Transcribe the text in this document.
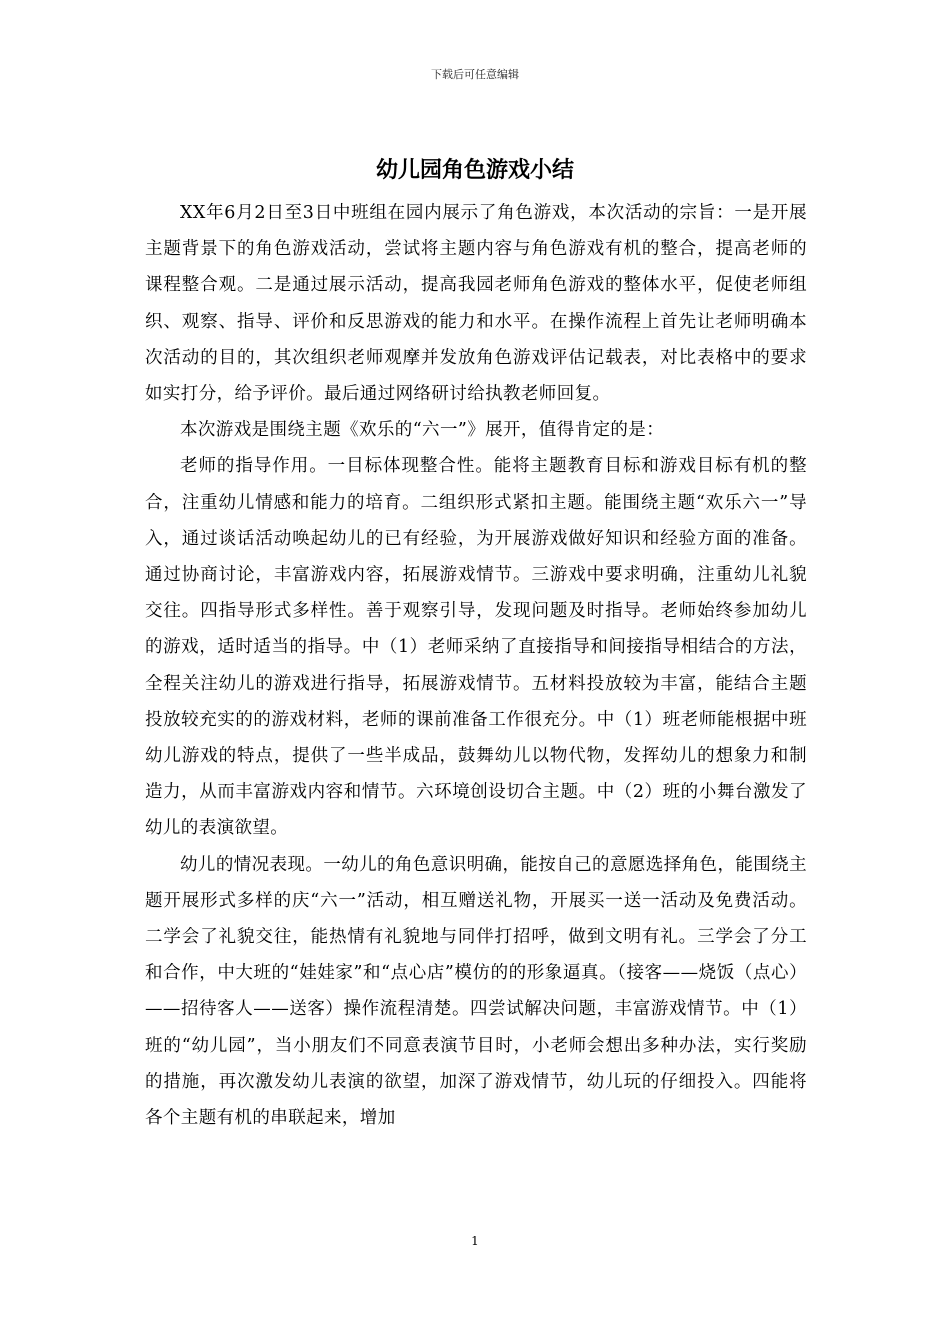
下载后可任意编辑
幼儿园角色游戏小结

XX年6月2日至3日中班组在园内展示了角色游戏，本次活动的宗旨：一是开展主题背景下的角色游戏活动，尝试将主题内容与角色游戏有机的整合，提高老师的课程整合观。二是通过展示活动，提高我园老师角色游戏的整体水平，促使老师组织、观察、指导、评价和反思游戏的能力和水平。在操作流程上首先让老师明确本次活动的目的，其次组织老师观摩并发放角色游戏评估记载表，对比表格中的要求如实打分，给予评价。最后通过网络研讨给执教老师回复。

本次游戏是围绕主题《欢乐的“六一”》展开，值得肯定的是：

老师的指导作用。一目标体现整合性。能将主题教育目标和游戏目标有机的整合，注重幼儿情感和能力的培育。二组织形式紧扣主题。能围绕主题“欢乐六一”导入，通过谈话活动唤起幼儿的已有经验，为开展游戏做好知识和经验方面的准备。通过协商讨论，丰富游戏内容，拓展游戏情节。三游戏中要求明确，注重幼儿礼貌交往。四指导形式多样性。善于观察引导，发现问题及时指导。老师始终参加幼儿的游戏，适时适当的指导。中（1）老师采纳了直接指导和间接指导相结合的方法，全程关注幼儿的游戏进行指导，拓展游戏情节。五材料投放较为丰富，能结合主题投放较充实的的游戏材料，老师的课前准备工作很充分。中（1）班老师能根据中班幼儿游戏的特点，提供了一些半成品，鼓舞幼儿以物代物，发挥幼儿的想象力和制造力，从而丰富游戏内容和情节。六环境创设切合主题。中（2）班的小舞台激发了幼儿的表演欲望。

幼儿的情况表现。一幼儿的角色意识明确，能按自己的意愿选择角色，能围绕主题开展形式多样的庆“六一”活动，相互赠送礼物，开展买一送一活动及免费活动。二学会了礼貌交往，能热情有礼貌地与同伴打招呼，做到文明有礼。三学会了分工和合作，中大班的“娃娃家”和“点心店”模仿的的形象逼真。（接客——烧饭（点心）——招待客人——送客）操作流程清楚。四尝试解决问题，丰富游戏情节。中（1）班的“幼儿园”，当小朋友们不同意表演节目时，小老师会想出多种办法，实行奖励的措施，再次激发幼儿表演的欲望，加深了游戏情节，幼儿玩的仔细投入。四能将各个主题有机的串联起来，增加

1
